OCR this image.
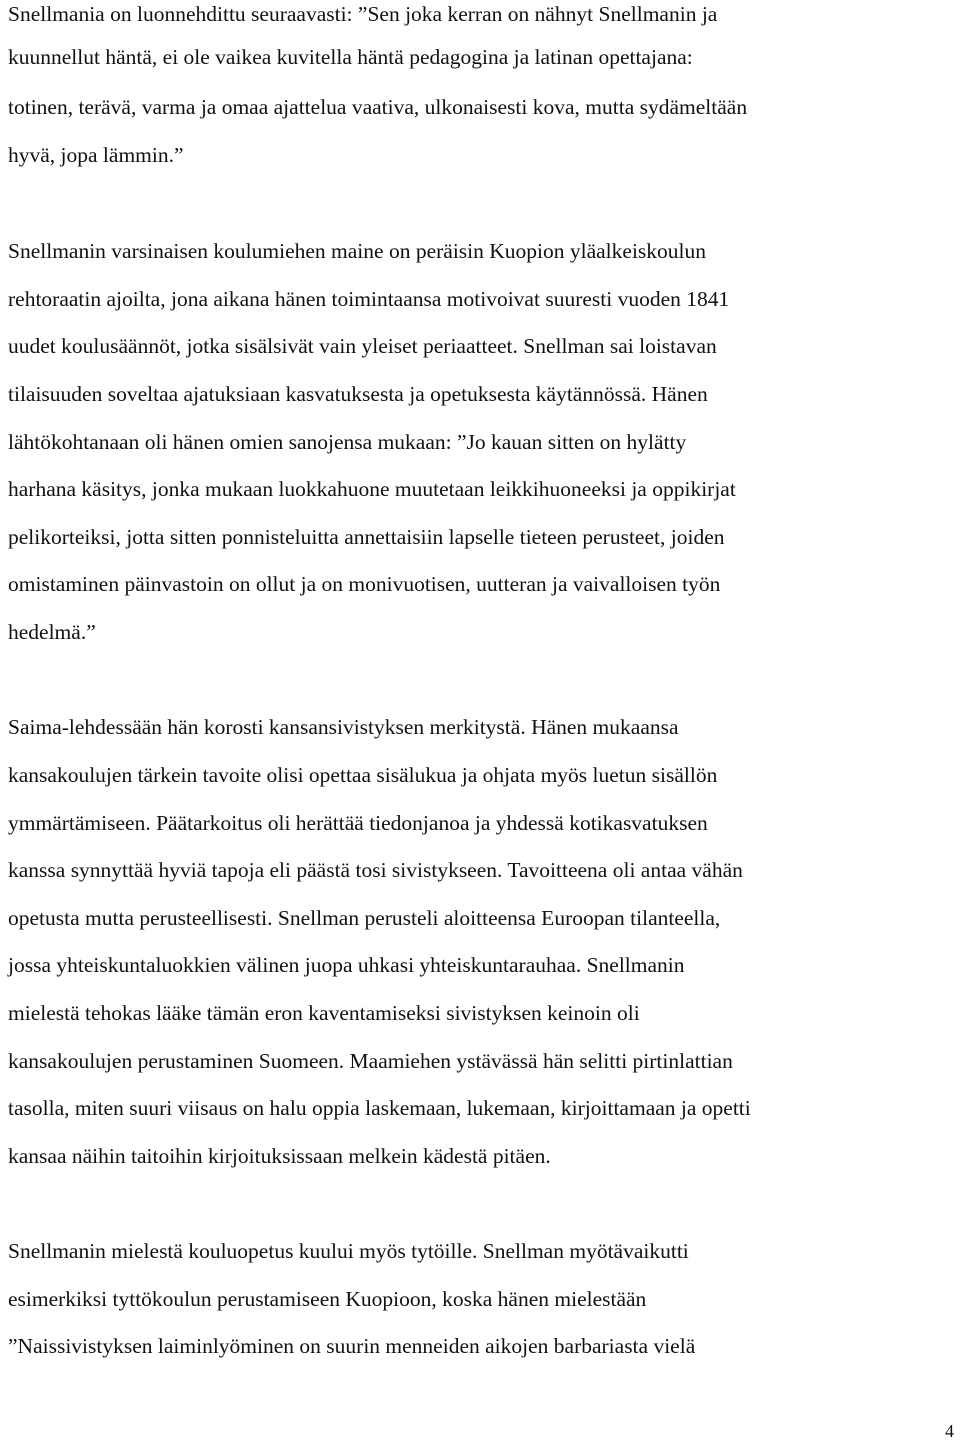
Snellmania on luonnehdittu seuraavasti: ”Sen joka kerran on nähnyt Snellmanin ja
kuunnellut häntä, ei ole vaikea kuvitella häntä pedagogina ja latinan opettajana:
totinen, terävä, varma ja omaa ajattelua vaativa, ulkonaisesti kova, mutta sydämeltään
hyvä, jopa lämmin.”
Snellmanin varsinaisen koulumiehen maine on peräisin Kuopion yläalkeiskoulun
rehtoraatin ajoilta, jona aikana hänen toimintaansa motivoivat suuresti vuoden 1841
uudet koulusäännöt, jotka sisälsivät vain yleiset periaatteet. Snellman sai loistavan
tilaisuuden soveltaa ajatuksiaan kasvatuksesta ja opetuksesta käytännössä. Hänen
lähtökohtanaan oli hänen omien sanojensa mukaan: ”Jo kauan sitten on hylätty
harhana käsitys, jonka mukaan luokkahuone muutetaan leikkihuoneeksi ja oppikirjat
pelikorteiksi, jotta sitten ponnisteluitta annettaisiin lapselle tieteen perusteet, joiden
omistaminen päinvastoin on ollut ja on monivuotisen, uutteran ja vaivalloisen työn
hedelmä.”
Saima-lehdessään hän korosti kansansivistyksen merkitystä. Hänen mukaansa
kansakoulujen tärkein tavoite olisi opettaa sisälukua ja ohjata myös luetun sisällön
ymmärtämiseen. Päätarkoitus oli herättää tiedonjanoa ja yhdessä kotikasvatuksen
kanssa synnyttää hyviä tapoja eli päästä tosi sivistykseen. Tavoitteena oli antaa vähän
opetusta mutta perusteellisesti. Snellman perusteli aloitteensa Euroopan tilanteella,
jossa yhteiskuntaluokkien välinen juopa uhkasi yhteiskuntarauhaa. Snellmanin
mielestä tehokas lääke tämän eron kaventamiseksi sivistyksen keinoin oli
kansakoulujen perustaminen Suomeen. Maamiehen ystävässä hän selitti pirtinlattian
tasolla, miten suuri viisaus on halu oppia laskemaan, lukemaan, kirjoittamaan ja opetti
kansaa näihin taitoihin kirjoituksissaan melkein kädestä pitäen.
Snellmanin mielestä kouluopetus kuului myös tytöille. Snellman myötävaikutti
esimerkiksi tyttökoulun perustamiseen Kuopioon, koska hänen mielestään
”Naissivistyksen laiminlyöminen on suurin menneiden aikojen barbariasta vielä
4
